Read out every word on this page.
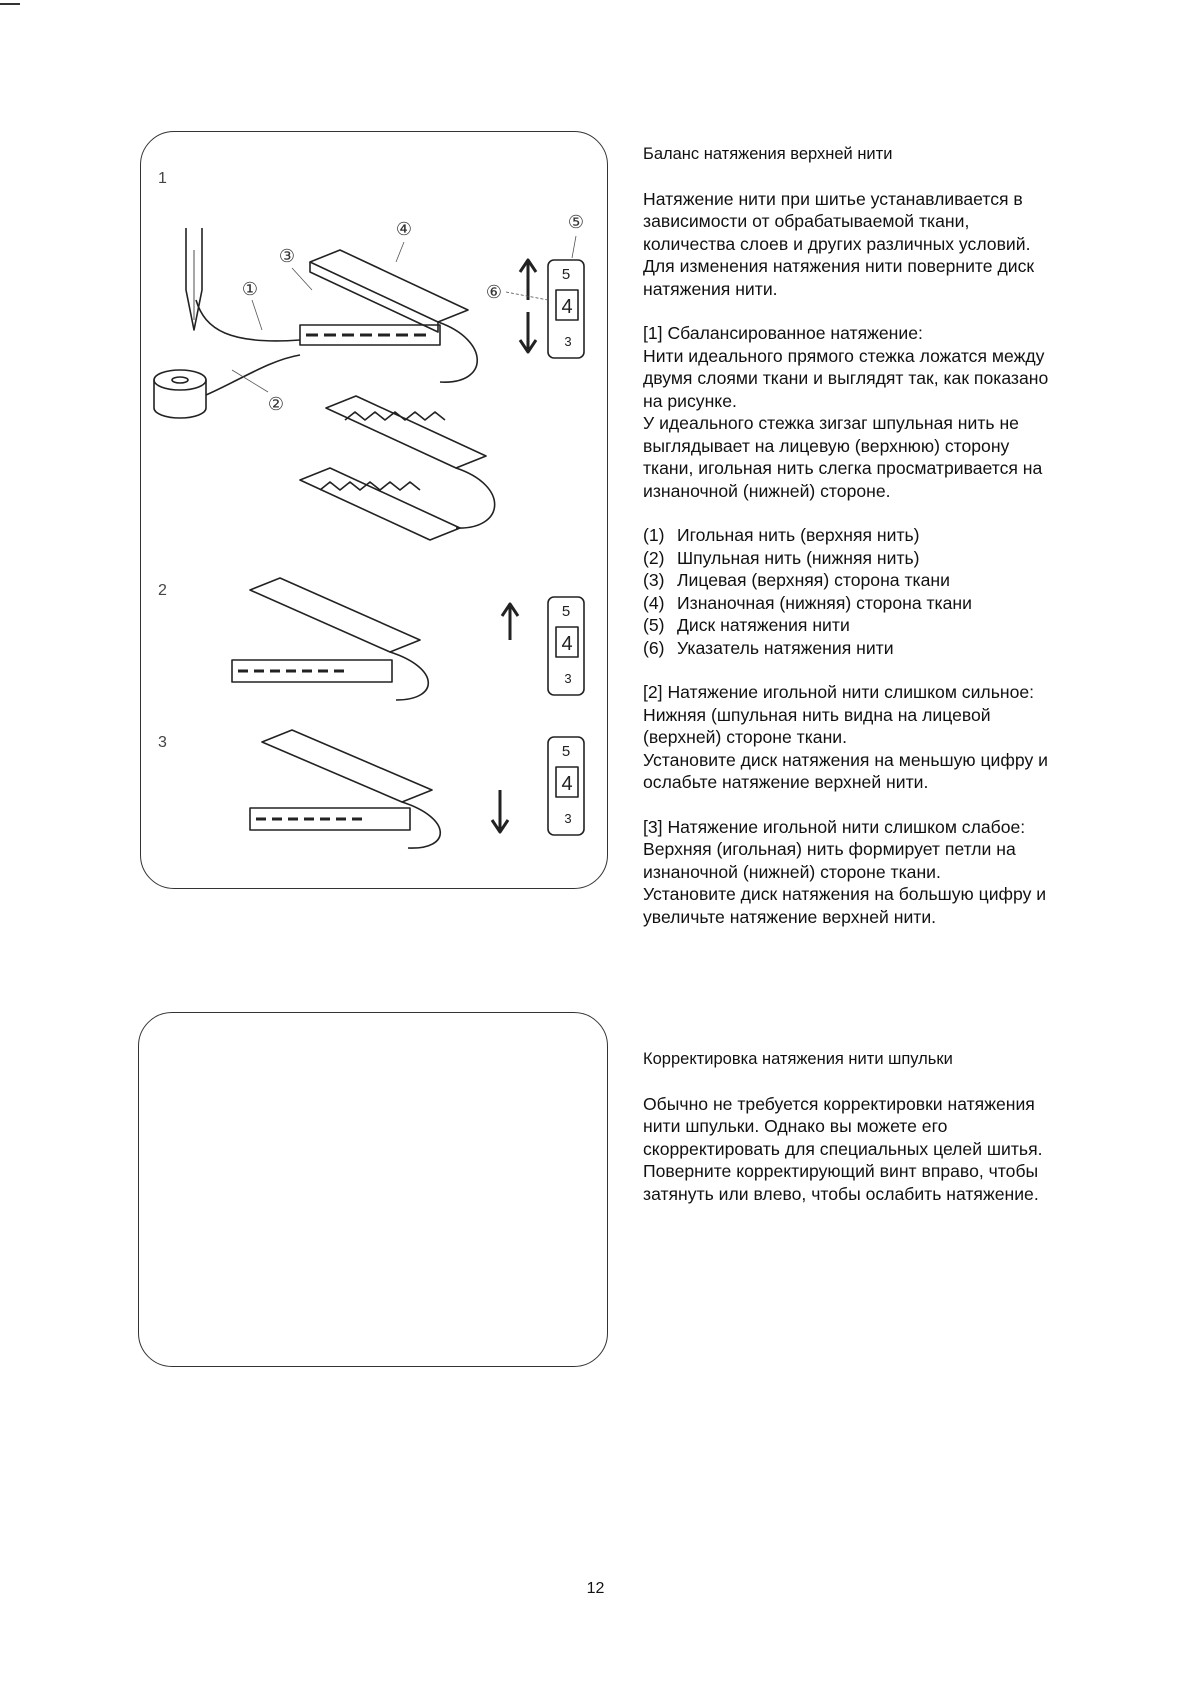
5
4
3
5
4
3
5
4
3
①
②
③
④	⑤
⑥
1
2
3

Баланс натяжения верхней нити

Натяжение нити при шитье устанавливается в

зависимости от обрабатываемой ткани,

количества слоев и других различных условий.

Для изменения натяжения нити поверните диск

натяжения нити.

[1] Сбалансированное натяжение:

Нити идеального прямого стежка ложатся между

двумя слоями ткани и выглядят так, как показано

на рисунке.

У идеального стежка зигзаг шпульная нить не

выглядывает на лицевую (верхнюю) сторону

ткани, игольная нить слегка просматривается на

изнаночной (нижней) стороне.

(1) Игольная нить (верхняя нить)
(2) Шпульная нить (нижняя нить)
(3) Лицевая (верхняя) сторона ткани
(4) Изнаночная (нижняя) сторона ткани
(5) Диск натяжения нити
(6) Указатель натяжения нити

[2] Натяжение игольной нити слишком сильное:

Нижняя (шпульная нить видна на лицевой

(верхней) стороне ткани.

Установите диск натяжения на меньшую цифру и

ослабьте натяжение верхней нити.

[3] Натяжение игольной нити слишком слабое:

Верхняя (игольная) нить формирует петли на

изнаночной (нижней) стороне ткани.

Установите диск натяжения на большую цифру и

увеличьте натяжение верхней нити.

Корректировка натяжения нити шпульки

Обычно не требуется корректировки натяжения

нити шпульки. Однако вы можете его

скорректировать для специальных целей шитья.

Поверните корректирующий винт вправо, чтобы

затянуть или влево, чтобы ослабить натяжение.

12
